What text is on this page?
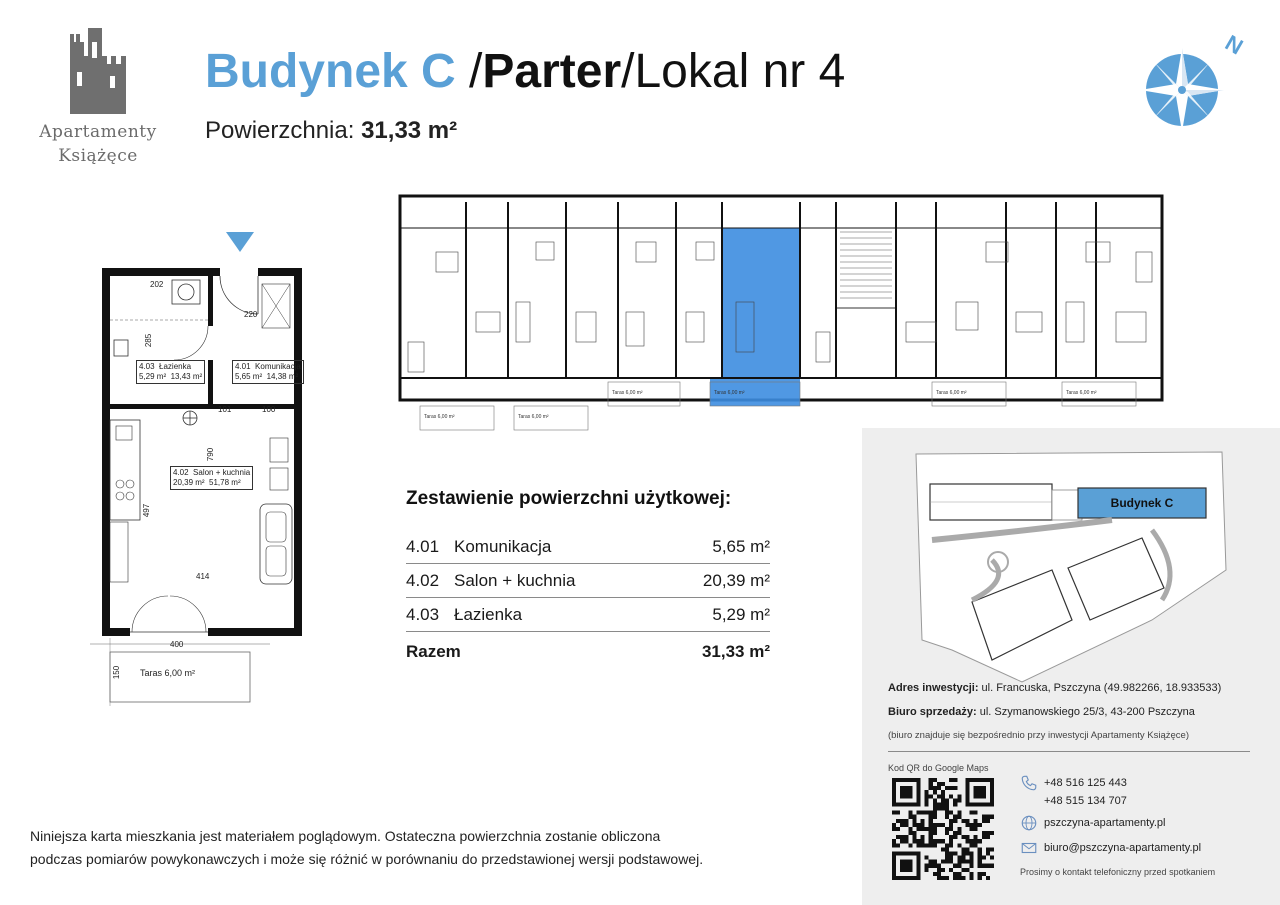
Apartamenty
Książęce
Budynek C /Parter/Lokal nr 4
Powierzchnia: 31,33 m²
N
202
285
220
101	100
790
497
414
400
150
4.03 Łazienka
5,29 m² 13,43 m²
4.01 Komunikacja
5,65 m² 14,38 m²
4.02 Salon + kuchnia
20,39 m² 51,78 m²
Taras 6,00 m²
Taras 6,00 m²	Taras 6,00 m²
Taras 6,00 m²	Taras 6,00 m²	Taras 6,00 m²	Taras 6,00 m²
Zestawienie powierzchni użytkowej:
4.01 Komunikacja	5,65 m²
4.02 Salon + kuchnia	20,39 m²
4.03 Łazienka	5,29 m²
Razem	31,33 m²
Niniejsza karta mieszkania jest materiałem poglądowym. Ostateczna powierzchnia zostanie obliczona
podczas pomiarów powykonawczych i może się różnić w porównaniu do przedstawionej wersji podstawowej.
Budynek C
Adres inwestycji: ul. Francuska, Pszczyna (49.982266, 18.933533)
Biuro sprzedaży: ul. Szymanowskiego 25/3, 43-200 Pszczyna
(biuro znajduje się bezpośrednio przy inwestycji Apartamenty Książęce)
Kod QR do Google Maps
+48 516 125 443
+48 515 134 707
pszczyna-apartamenty.pl
biuro@pszczyna-apartamenty.pl
Prosimy o kontakt telefoniczny przed spotkaniem
